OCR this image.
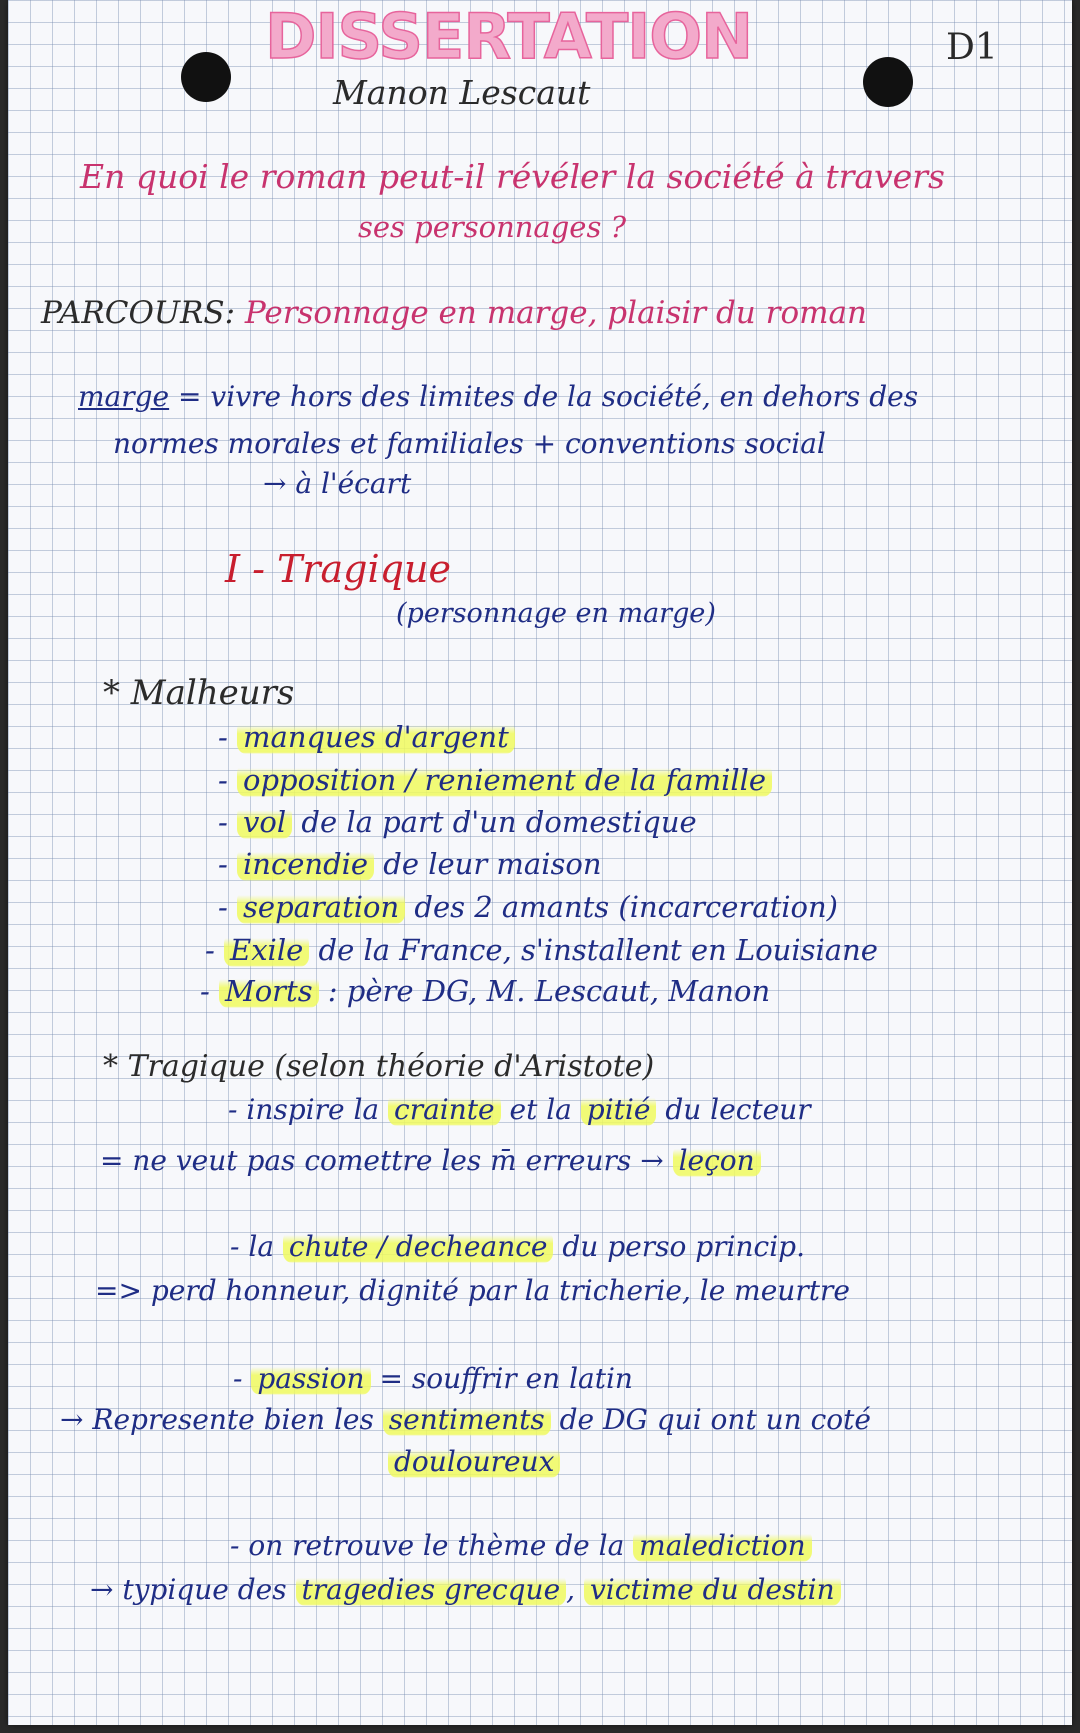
DISSERTATION
Manon Lescaut
D1
En quoi le roman peut-il révéler la société à travers
ses personnages ?
PARCOURS: Personnage en marge, plaisir du roman
marge = vivre hors des limites de la société, en dehors des
normes morales et familiales + conventions social
→ à l'écart
I - Tragique
(personnage en marge)
* Malheurs
- manques d'argent
- opposition / reniement de la famille
- vol de la part d'un domestique
- incendie de leur maison
- separation des 2 amants (incarceration)
- Exile de la France, s'installent en Louisiane
- Morts : père DG, M. Lescaut, Manon
* Tragique (selon théorie d'Aristote)
- inspire la crainte et la pitié du lecteur
= ne veut pas comettre les m̄ erreurs → leçon
- la chute / decheance du perso princip.
=> perd honneur, dignité par la tricherie, le meurtre
- passion = souffrir en latin
→ Represente bien les sentiments de DG qui ont un coté
douloureux
- on retrouve le thème de la malediction
→ typique des tragedies grecque , victime du destin
